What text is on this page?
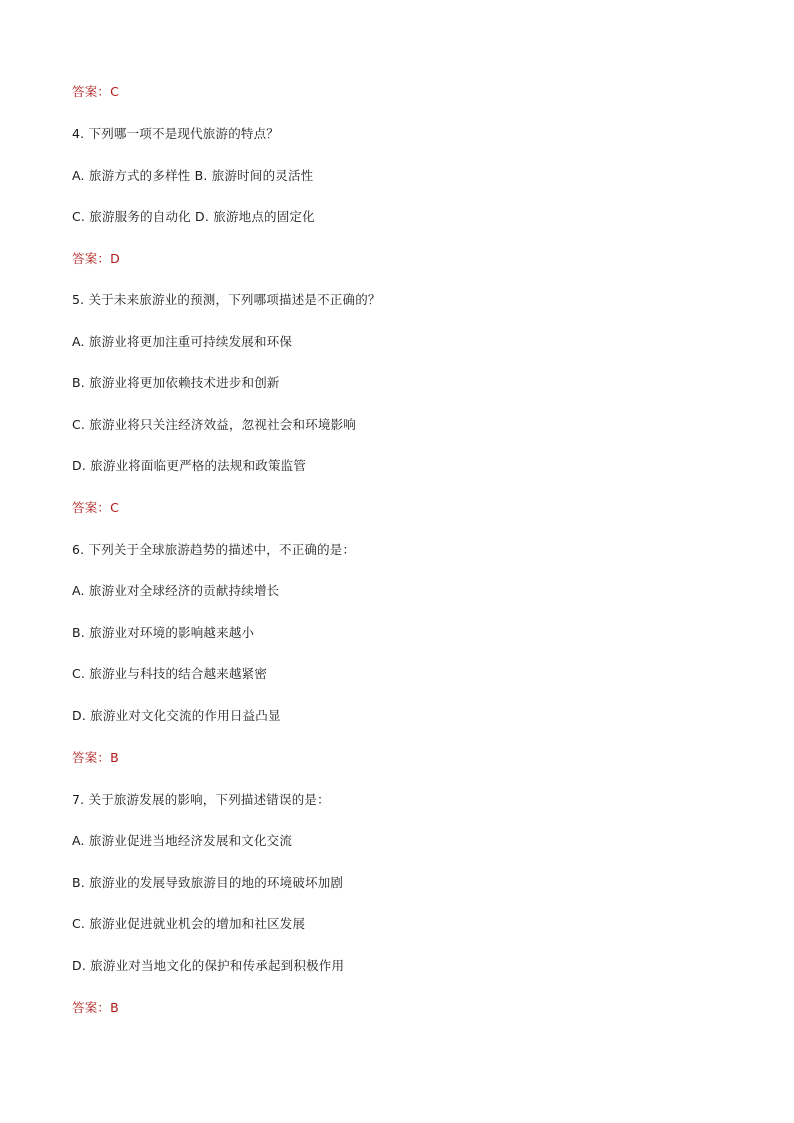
答案：C
4. 下列哪一项不是现代旅游的特点？
A. 旅游方式的多样性 B. 旅游时间的灵活性
C. 旅游服务的自动化 D. 旅游地点的固定化
答案：D
5. 关于未来旅游业的预测，下列哪项描述是不正确的？
A. 旅游业将更加注重可持续发展和环保
B. 旅游业将更加依赖技术进步和创新
C. 旅游业将只关注经济效益，忽视社会和环境影响
D. 旅游业将面临更严格的法规和政策监管
答案：C
6. 下列关于全球旅游趋势的描述中，不正确的是：
A. 旅游业对全球经济的贡献持续增长
B. 旅游业对环境的影响越来越小
C. 旅游业与科技的结合越来越紧密
D. 旅游业对文化交流的作用日益凸显
答案：B
7. 关于旅游发展的影响，下列描述错误的是：
A. 旅游业促进当地经济发展和文化交流
B. 旅游业的发展导致旅游目的地的环境破坏加剧
C. 旅游业促进就业机会的增加和社区发展
D. 旅游业对当地文化的保护和传承起到积极作用
答案：B
